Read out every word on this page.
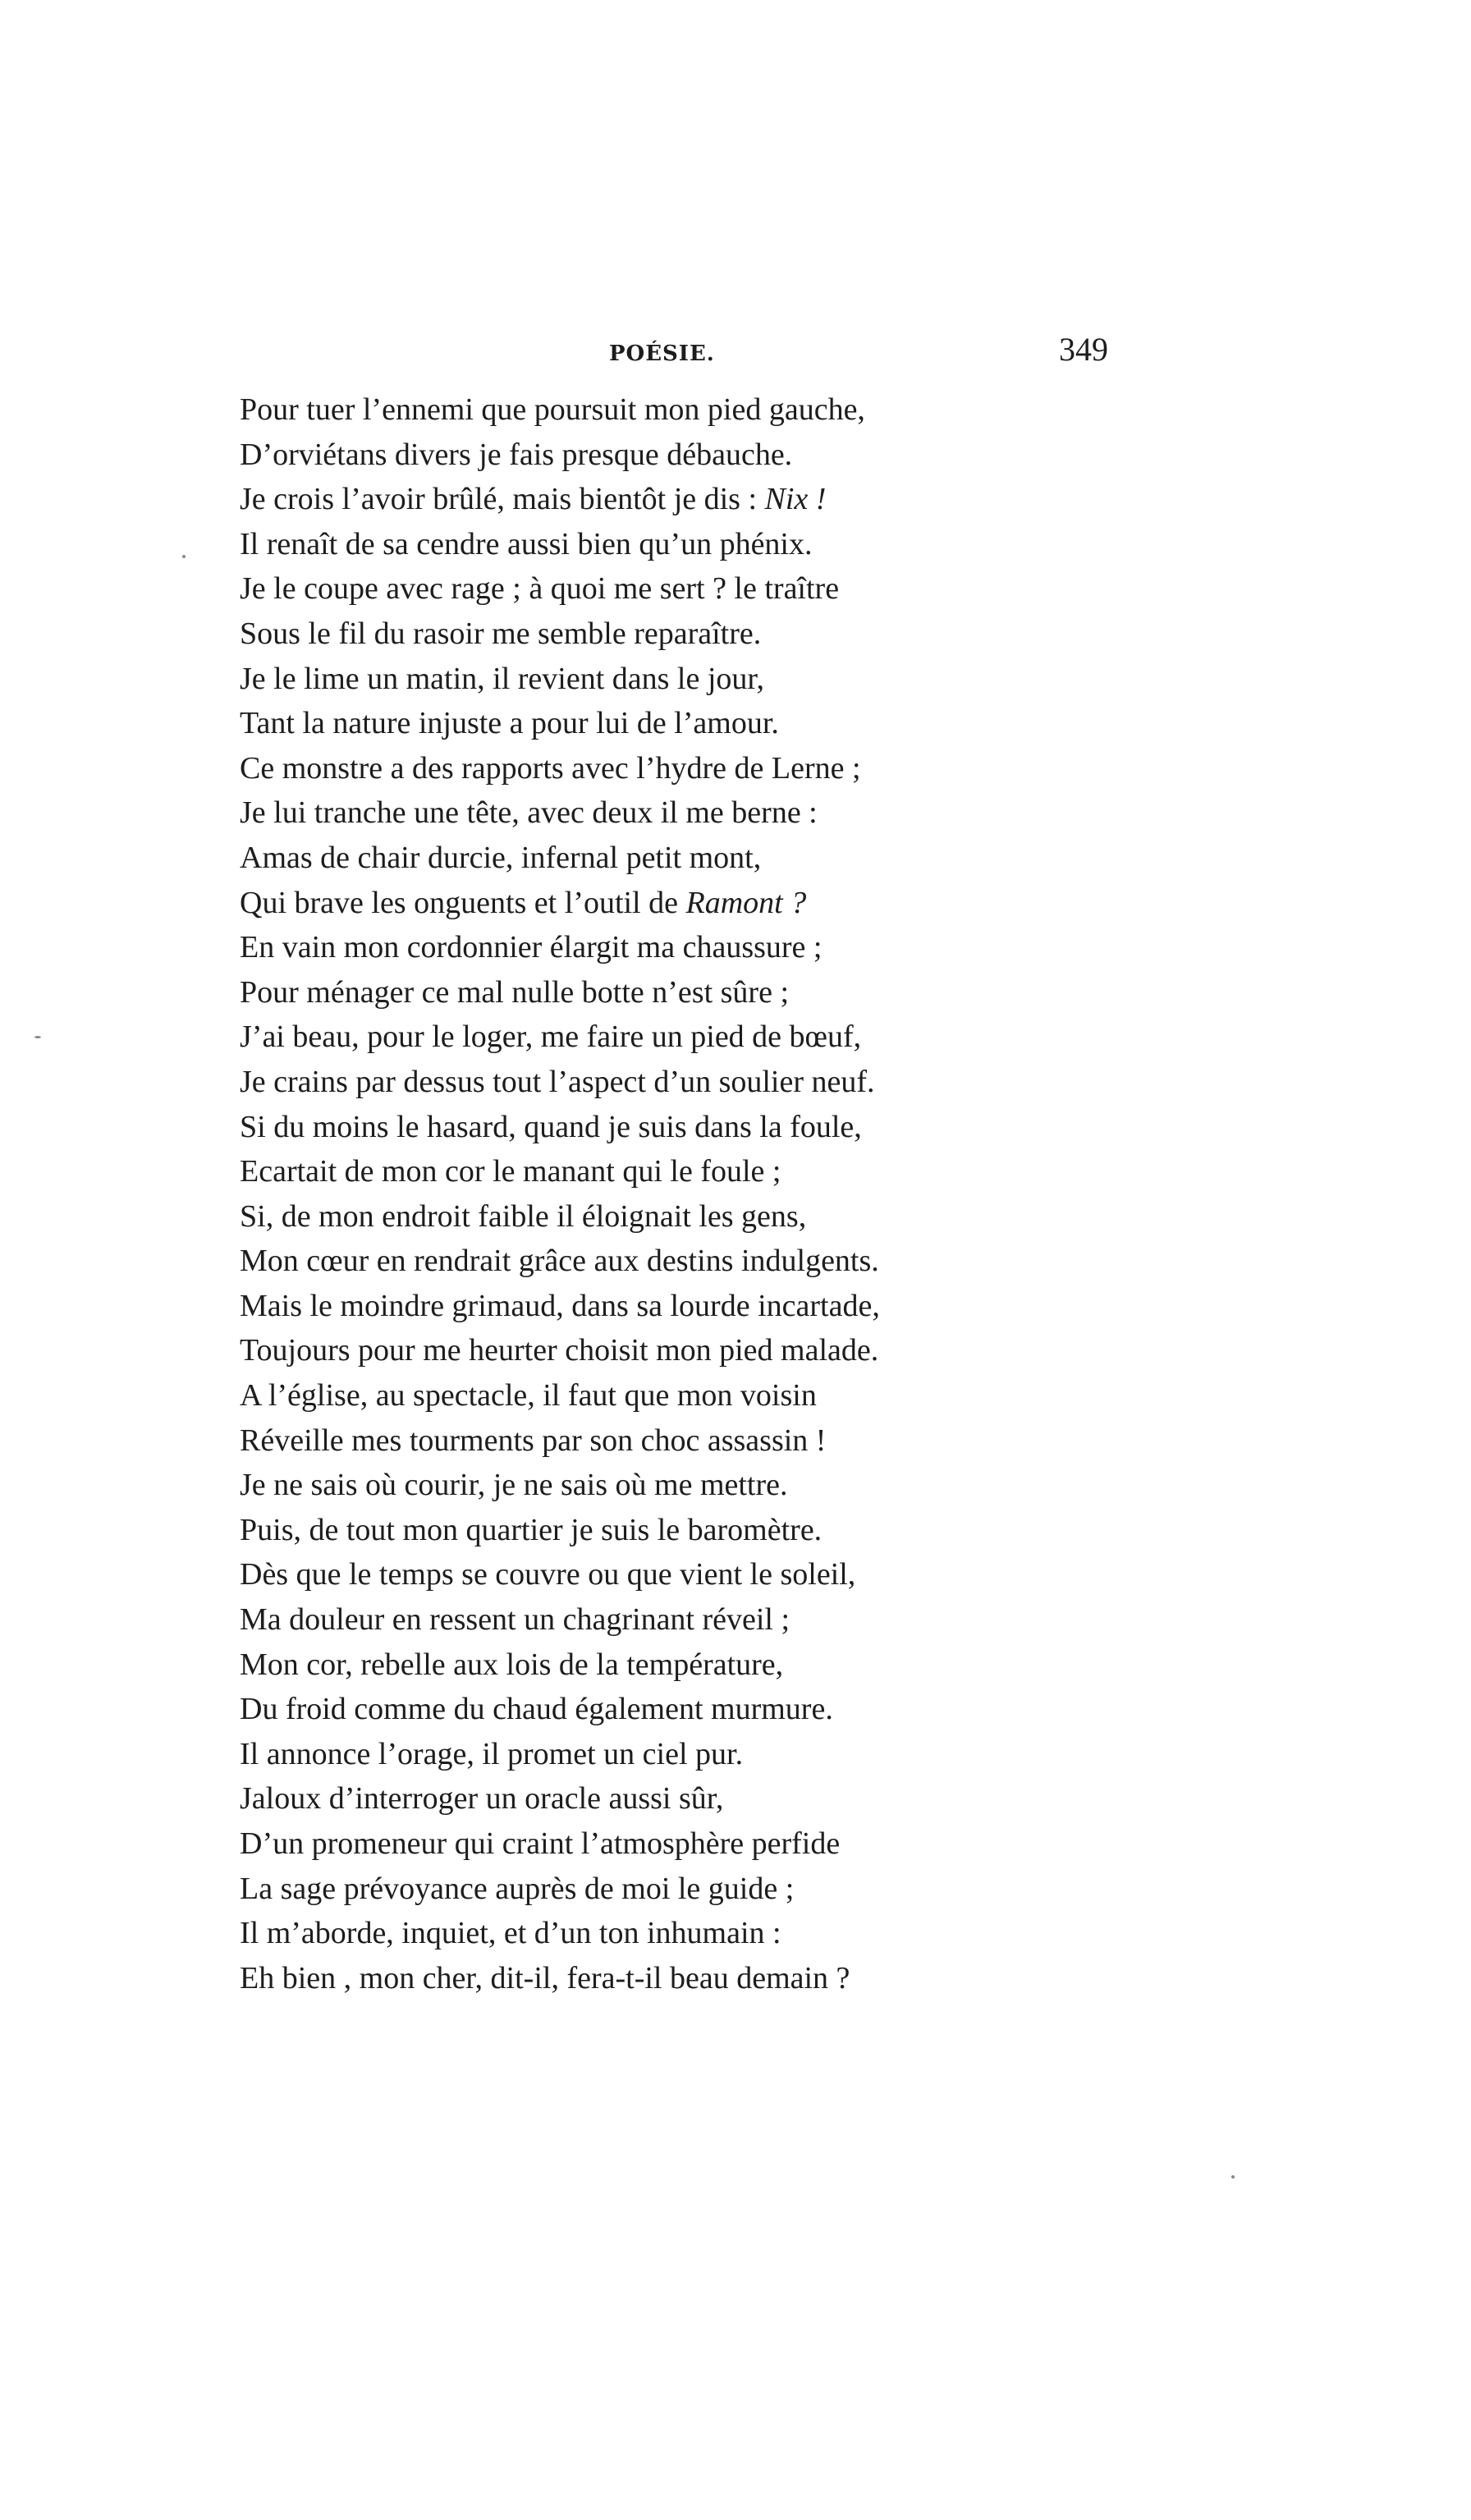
POÉSIE.	349
Pour tuer l’ennemi que poursuit mon pied gauche,
D’orviétans divers je fais presque débauche.
Je crois l’avoir brûlé, mais bientôt je dis : Nix !
Il renaît de sa cendre aussi bien qu’un phénix.
Je le coupe avec rage ; à quoi me sert ? le traître
Sous le fil du rasoir me semble reparaître.
Je le lime un matin, il revient dans le jour,
Tant la nature injuste a pour lui de l’amour.
Ce monstre a des rapports avec l’hydre de Lerne ;
Je lui tranche une tête, avec deux il me berne :
Amas de chair durcie, infernal petit mont,
Qui brave les onguents et l’outil de Ramont ?
En vain mon cordonnier élargit ma chaussure ;
Pour ménager ce mal nulle botte n’est sûre ;
J’ai beau, pour le loger, me faire un pied de bœuf,
Je crains par dessus tout l’aspect d’un soulier neuf.
Si du moins le hasard, quand je suis dans la foule,
Ecartait de mon cor le manant qui le foule ;
Si, de mon endroit faible il éloignait les gens,
Mon cœur en rendrait grâce aux destins indulgents.
Mais le moindre grimaud, dans sa lourde incartade,
Toujours pour me heurter choisit mon pied malade.
A l’église, au spectacle, il faut que mon voisin
Réveille mes tourments par son choc assassin !
Je ne sais où courir, je ne sais où me mettre.
Puis, de tout mon quartier je suis le baromètre.
Dès que le temps se couvre ou que vient le soleil,
Ma douleur en ressent un chagrinant réveil ;
Mon cor, rebelle aux lois de la température,
Du froid comme du chaud également murmure.
Il annonce l’orage, il promet un ciel pur.
Jaloux d’interroger un oracle aussi sûr,
D’un promeneur qui craint l’atmosphère perfide
La sage prévoyance auprès de moi le guide ;
Il m’aborde, inquiet, et d’un ton inhumain :
Eh bien , mon cher, dit-il, fera-t-il beau demain ?
